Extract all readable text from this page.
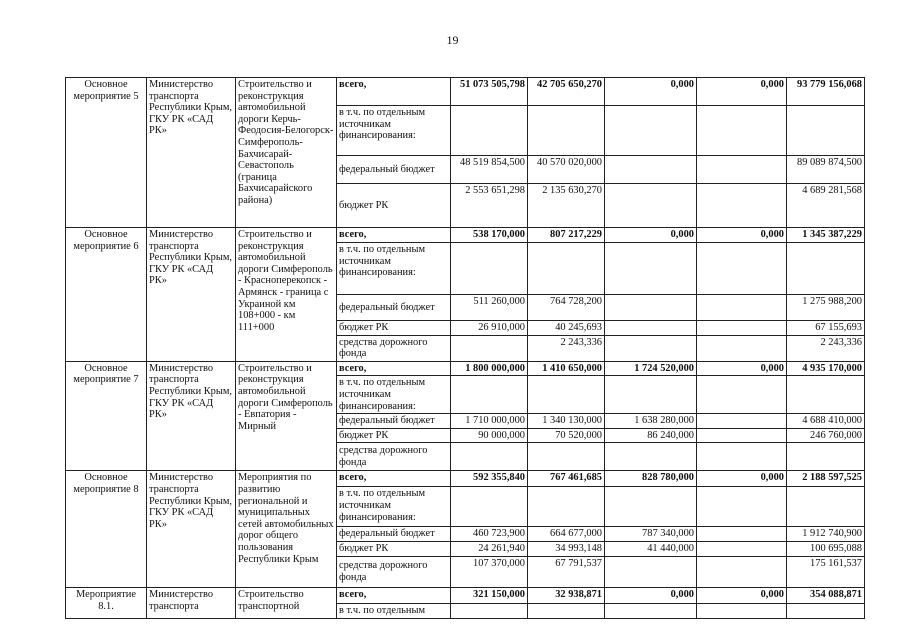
19
Основное мероприятие 5	Министерство транспорта Республики Крым, ГКУ РК «САД РК»	Строительство и реконструкция автомобильной дороги Керчь-Феодосия-Белогорск-Симферополь-Бахчисарай-Севастополь (граница Бахчисарайского района)	всего,	51 073 505,798	42 705 650,270	0,000	0,000	93 779 156,068
			в т.ч. по отдельным источникам финансирования:					
			федеральный бюджет	48 519 854,500	40 570 020,000			89 089 874,500
			бюджет РК	2 553 651,298	2 135 630,270			4 689 281,568
Основное мероприятие 6	Министерство транспорта Республики Крым, ГКУ РК «САД РК»	Строительство и реконструкция автомобильной дороги Симферополь - Красноперекопск - Армянск - граница с Украиной км 108+000 - км 111+000	всего,	538 170,000	807 217,229	0,000	0,000	1 345 387,229
			в т.ч. по отдельным источникам финансирования:					
			федеральный бюджет	511 260,000	764 728,200			1 275 988,200
			бюджет РК	26 910,000	40 245,693			67 155,693
			средства дорожного фонда		2 243,336			2 243,336
Основное мероприятие 7	Министерство транспорта Республики Крым, ГКУ РК «САД РК»	Строительство и реконструкция автомобильной дороги Симферополь - Евпатория - Мирный	всего,	1 800 000,000	1 410 650,000	1 724 520,000	0,000	4 935 170,000
			в т.ч. по отдельным источникам финансирования:					
			федеральный бюджет	1 710 000,000	1 340 130,000	1 638 280,000		4 688 410,000
			бюджет РК	90 000,000	70 520,000	86 240,000		246 760,000
			средства дорожного фонда					
Основное мероприятие 8	Министерство транспорта Республики Крым, ГКУ РК «САД РК»	Мероприятия по развитию региональной и муниципальных сетей автомобильных дорог общего пользования Республики Крым	всего,	592 355,840	767 461,685	828 780,000	0,000	2 188 597,525
			в т.ч. по отдельным источникам финансирования:					
			федеральный бюджет	460 723,900	664 677,000	787 340,000		1 912 740,900
			бюджет РК	24 261,940	34 993,148	41 440,000		100 695,088
			средства дорожного фонда	107 370,000	67 791,537			175 161,537
Мероприятие 8.1.	Министерство транспорта	Строительство транспортной	всего,	321 150,000	32 938,871	0,000	0,000	354 088,871
			в т.ч. по отдельным					
